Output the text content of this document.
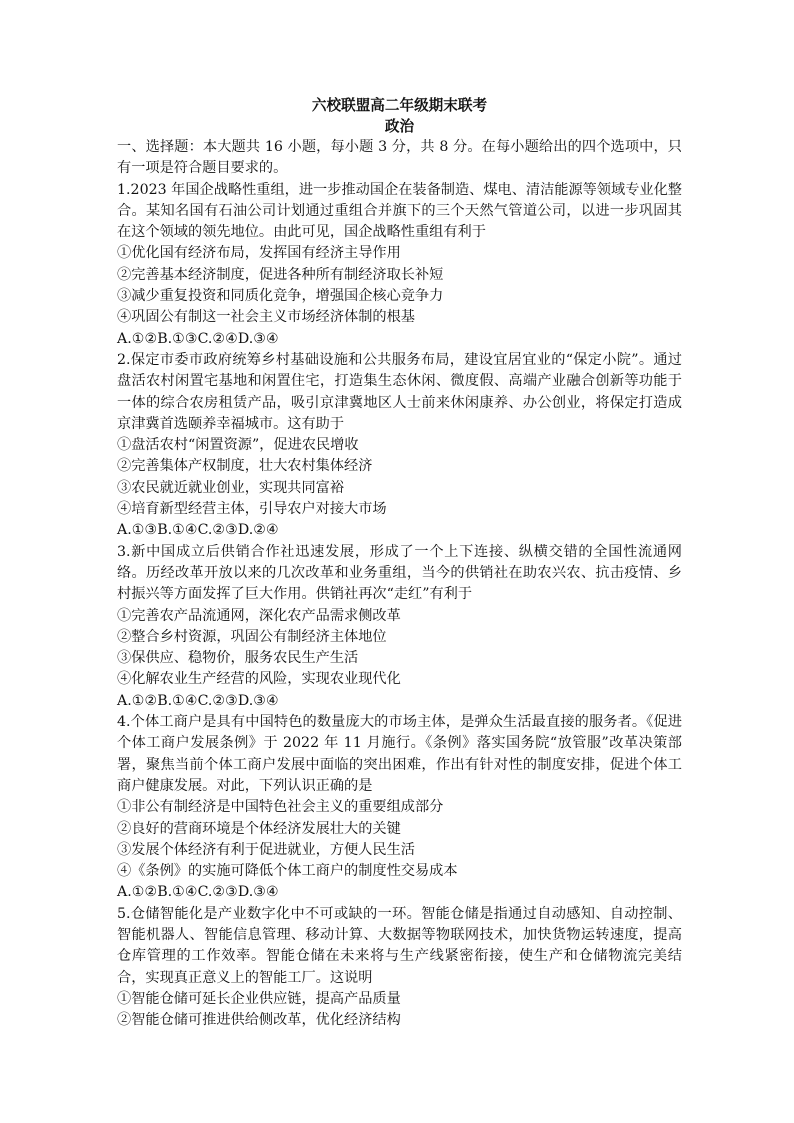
六校联盟高二年级期末联考
政治

一、选择题：本大题共 16 小题，每小题 3 分，共 8 分。在每小题给出的四个选项中，只有一项是符合题目要求的。

1.2023 年国企战略性重组，进一步推动国企在装备制造、煤电、清洁能源等领域专业化整合。某知名国有石油公司计划通过重组合并旗下的三个天然气管道公司，以进一步巩固其在这个领域的领先地位。由此可见，国企战略性重组有利于

①优化国有经济布局，发挥国有经济主导作用

②完善基本经济制度，促进各种所有制经济取长补短

③减少重复投资和同质化竞争，增强国企核心竞争力

④巩固公有制这一社会主义市场经济体制的根基

A.①②B.①③C.②④D.③④

2.保定市委市政府统筹乡村基础设施和公共服务布局，建设宜居宜业的“保定小院”。通过盘活农村闲置宅基地和闲置住宅，打造集生态休闲、微度假、高端产业融合创新等功能于一体的综合农房租赁产品，吸引京津冀地区人士前来休闲康养、办公创业，将保定打造成京津冀首选颐养幸福城市。这有助于

①盘活农村“闲置资源”，促进农民增收

②完善集体产权制度，壮大农村集体经济

③农民就近就业创业，实现共同富裕

④培育新型经营主体，引导农户对接大市场

A.①③B.①④C.②③D.②④

3.新中国成立后供销合作社迅速发展，形成了一个上下连接、纵横交错的全国性流通网络。历经改革开放以来的几次改革和业务重组，当今的供销社在助农兴农、抗击疫情、乡村振兴等方面发挥了巨大作用。供销社再次“走红”有利于

①完善农产品流通网，深化农产品需求侧改革

②整合乡村资源，巩固公有制经济主体地位

③保供应、稳物价，服务农民生产生活

④化解农业生产经营的风险，实现农业现代化

A.①②B.①④C.②③D.③④

4.个体工商户是具有中国特色的数量庞大的市场主体，是弹众生活最直接的服务者。《促进个体工商户发展条例》于 2022 年 11 月施行。《条例》落实国务院“放管服”改革决策部署，聚焦当前个体工商户发展中面临的突出困难，作出有针对性的制度安排，促进个体工商户健康发展。对此，下列认识正确的是

①非公有制经济是中国特色社会主义的重要组成部分

②良好的营商环境是个体经济发展壮大的关键

③发展个体经济有利于促进就业，方便人民生活

④《条例》的实施可降低个体工商户的制度性交易成本

A.①②B.①④C.②③D.③④

5.仓储智能化是产业数字化中不可或缺的一环。智能仓储是指通过自动感知、自动控制、智能机器人、智能信息管理、移动计算、大数据等物联网技术，加快货物运转速度，提高仓库管理的工作效率。智能仓储在未来将与生产线紧密衔接，使生产和仓储物流完美结合，实现真正意义上的智能工厂。这说明

①智能仓储可延长企业供应链，提高产品质量

②智能仓储可推进供给侧改革，优化经济结构
